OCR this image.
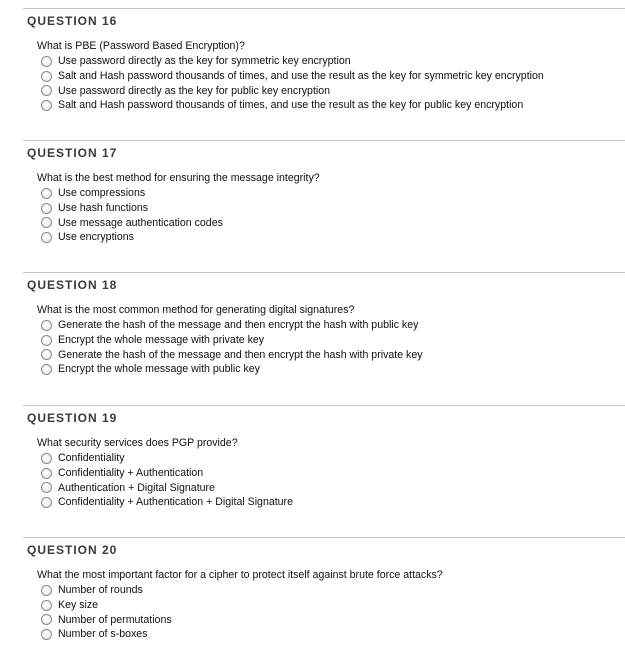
QUESTION 16
What is PBE (Password Based Encryption)?
Use password directly as the key for symmetric key encryption
Salt and Hash password thousands of times, and use the result as the key for symmetric key encryption
Use password directly as the key for public key encryption
Salt and Hash password thousands of times, and use the result as the key for public key encryption
QUESTION 17
What is the best method for ensuring the message integrity?
Use compressions
Use hash functions
Use message authentication codes
Use encryptions
QUESTION 18
What is the most common method for generating digital signatures?
Generate the hash of the message and then encrypt the hash with public key
Encrypt the whole message with private key
Generate the hash of the message and then encrypt the hash with private key
Encrypt the whole message with public key
QUESTION 19
What security services does PGP provide?
Confidentiality
Confidentiality + Authentication
Authentication + Digital Signature
Confidentiality + Authentication + Digital Signature
QUESTION 20
What the most important factor for a cipher to protect itself against brute force attacks?
Number of rounds
Key size
Number of permutations
Number of s-boxes
